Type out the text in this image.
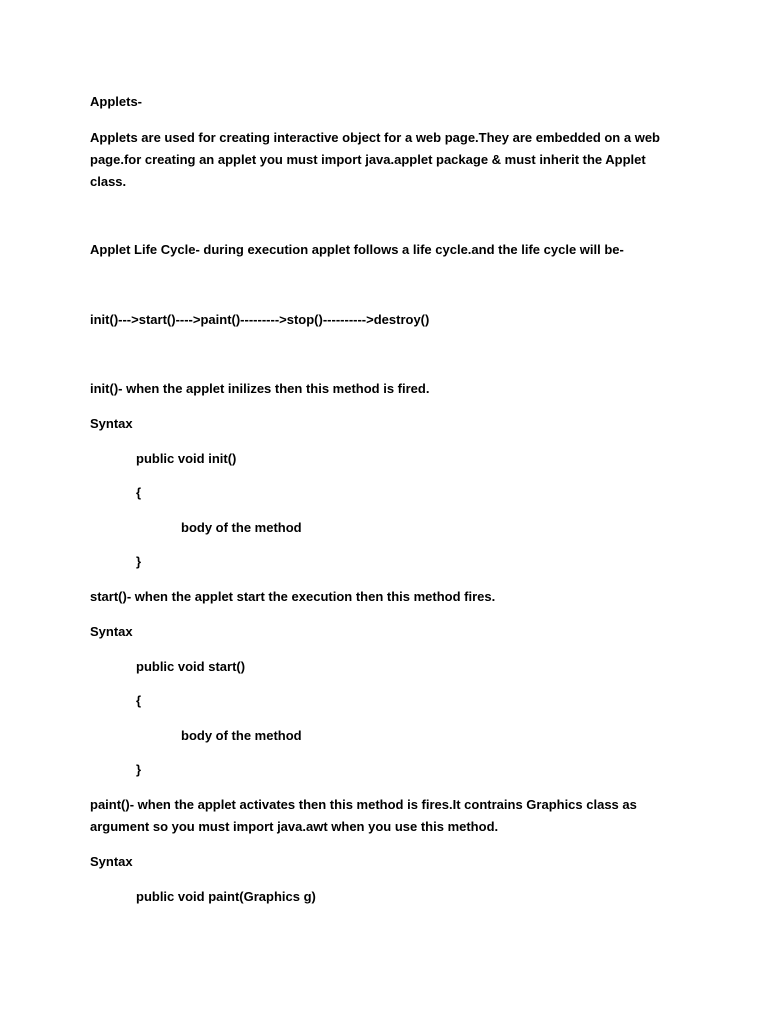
Applets-
Applets are used for creating interactive object for a web page.They are embedded on a web page.for creating an applet you must import java.applet package & must inherit the Applet class.
Applet Life Cycle- during execution applet follows a life cycle.and the life cycle will be-
init()--->start()---->paint()--------->stop()---------->destroy()
init()- when the applet inilizes then this method is fired.
Syntax
public void init()
{
body of the method
}
start()- when the applet start the execution then this method fires.
Syntax
public void start()
{
body of the method
}
paint()- when the applet activates then this method is fires.It contrains Graphics class as argument so you must import java.awt when you use this method.
Syntax
public void paint(Graphics g)
